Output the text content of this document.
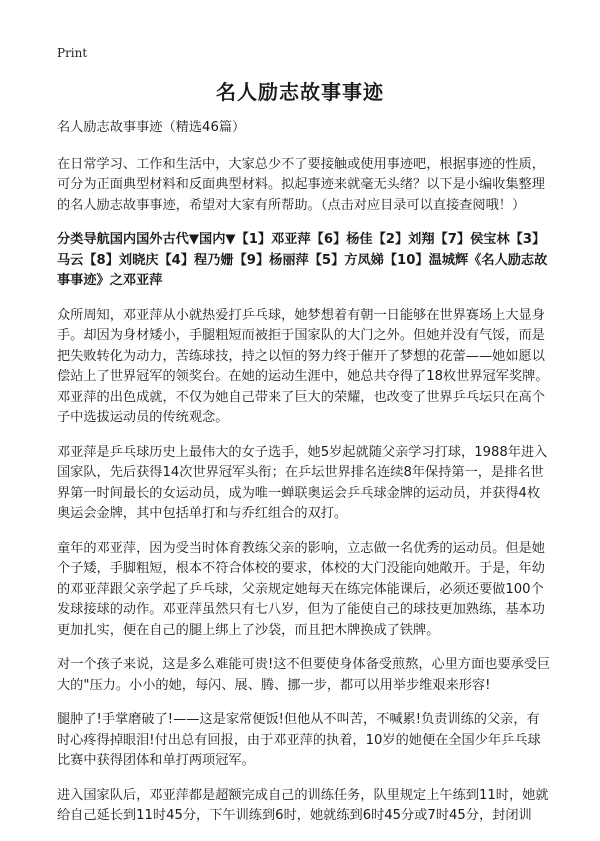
Print
名人励志故事事迹

名人励志故事事迹（精选46篇）

在日常学习、工作和生活中，大家总少不了要接触或使用事迹吧，根据事迹的性质，可分为正面典型材料和反面典型材料。拟起事迹来就毫无头绪？以下是小编收集整理的名人励志故事事迹，希望对大家有所帮助。（点击对应目录可以直接查阅哦！）

分类导航国内国外古代▼国内▼【1】邓亚萍【6】杨佳【2】刘翔【7】侯宝林【3】马云【8】刘晓庆【4】程乃姗【9】杨丽萍【5】方凤娣【10】温城辉《名人励志故事事迹》之邓亚萍

众所周知，邓亚萍从小就热爱打乒乓球，她梦想着有朝一日能够在世界赛场上大显身手。却因为身材矮小，手腿粗短而被拒于国家队的大门之外。但她并没有气馁，而是把失败转化为动力，苦练球技，持之以恒的努力终于催开了梦想的花蕾——她如愿以偿站上了世界冠军的领奖台。在她的运动生涯中，她总共夺得了18枚世界冠军奖牌。邓亚萍的出色成就，不仅为她自己带来了巨大的荣耀，也改变了世界乒乓坛只在高个子中选拔运动员的传统观念。

邓亚萍是乒乓球历史上最伟大的女子选手，她5岁起就随父亲学习打球，1988年进入国家队，先后获得14次世界冠军头衔；在乒坛世界排名连续8年保持第一，是排名世界第一时间最长的女运动员，成为唯一蝉联奥运会乒乓球金牌的运动员，并获得4枚奥运会金牌，其中包括单打和与乔红组合的双打。

童年的邓亚萍，因为受当时体育教练父亲的影响，立志做一名优秀的运动员。但是她个子矮，手脚粗短，根本不符合体校的要求，体校的大门没能向她敞开。于是，年幼的邓亚萍跟父亲学起了乒乓球，父亲规定她每天在练完体能课后，必须还要做100个发球接球的动作。邓亚萍虽然只有七八岁，但为了能使自己的球技更加熟练，基本功更加扎实，便在自己的腿上绑上了沙袋，而且把木牌换成了铁牌。

对一个孩子来说，这是多么难能可贵!这不但要使身体备受煎熬，心里方面也要承受巨大的"压力。小小的她，每闪、展、腾、挪一步，都可以用举步维艰来形容!

腿肿了!手掌磨破了!——这是家常便饭!但他从不叫苦，不喊累!负责训练的父亲，有时心疼得掉眼泪!付出总有回报，由于邓亚萍的执着，10岁的她便在全国少年乒乓球比赛中获得团体和单打两项冠军。

进入国家队后，邓亚萍都是超额完成自己的训练任务，队里规定上午练到11时，她就给自己延长到11时45分，下午训练到6时，她就练到6时45分或7时45分，封闭训
